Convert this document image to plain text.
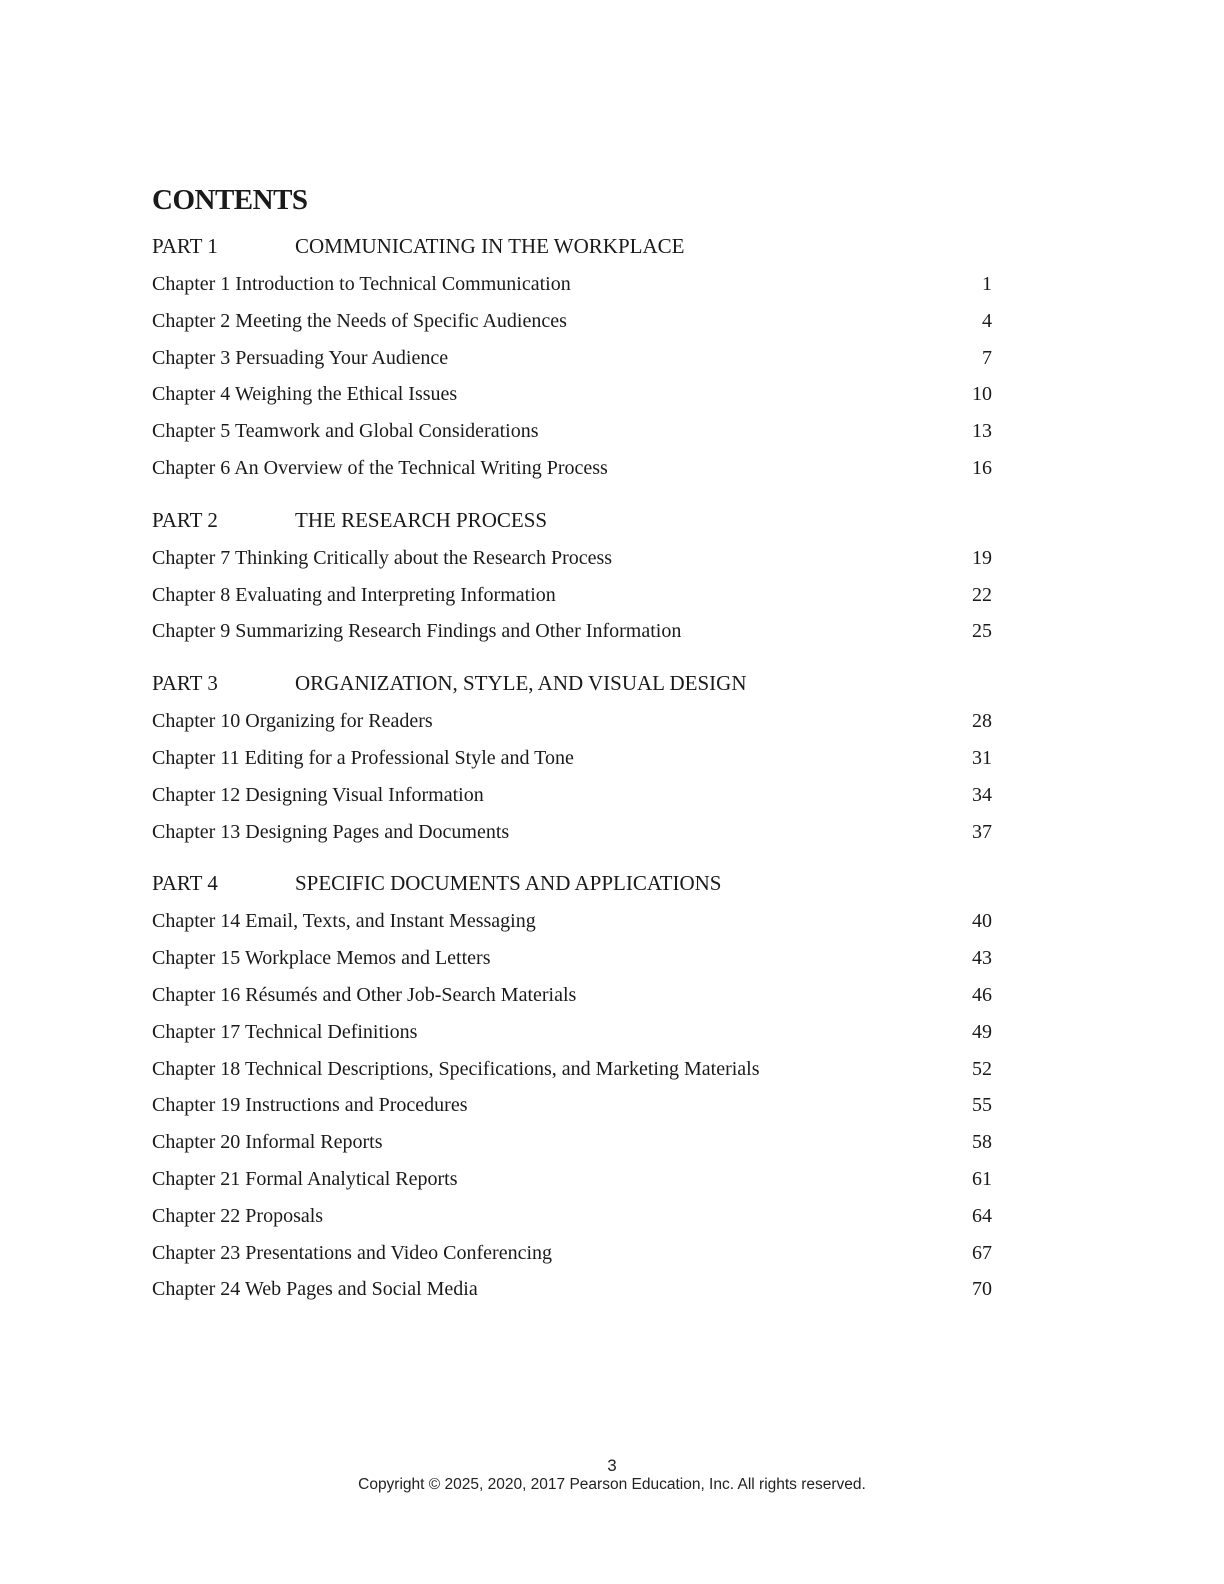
CONTENTS
PART 1	COMMUNICATING IN THE WORKPLACE
Chapter 1 Introduction to Technical Communication	1
Chapter 2 Meeting the Needs of Specific Audiences	4
Chapter 3 Persuading Your Audience	7
Chapter 4 Weighing the Ethical Issues	10
Chapter 5 Teamwork and Global Considerations	13
Chapter 6 An Overview of the Technical Writing Process	16
PART 2	THE RESEARCH PROCESS
Chapter 7 Thinking Critically about the Research Process	19
Chapter 8 Evaluating and Interpreting Information	22
Chapter 9 Summarizing Research Findings and Other Information	25
PART 3	ORGANIZATION, STYLE, AND VISUAL DESIGN
Chapter 10 Organizing for Readers	28
Chapter 11 Editing for a Professional Style and Tone	31
Chapter 12 Designing Visual Information	34
Chapter 13 Designing Pages and Documents	37
PART 4	SPECIFIC DOCUMENTS AND APPLICATIONS
Chapter 14 Email, Texts, and Instant Messaging	40
Chapter 15 Workplace Memos and Letters	43
Chapter 16 Résumés and Other Job-Search Materials	46
Chapter 17 Technical Definitions	49
Chapter 18 Technical Descriptions, Specifications, and Marketing Materials	52
Chapter 19 Instructions and Procedures	55
Chapter 20 Informal Reports	58
Chapter 21 Formal Analytical Reports	61
Chapter 22 Proposals	64
Chapter 23 Presentations and Video Conferencing	67
Chapter 24 Web Pages and Social Media	70
3
Copyright © 2025, 2020, 2017 Pearson Education, Inc. All rights reserved.
